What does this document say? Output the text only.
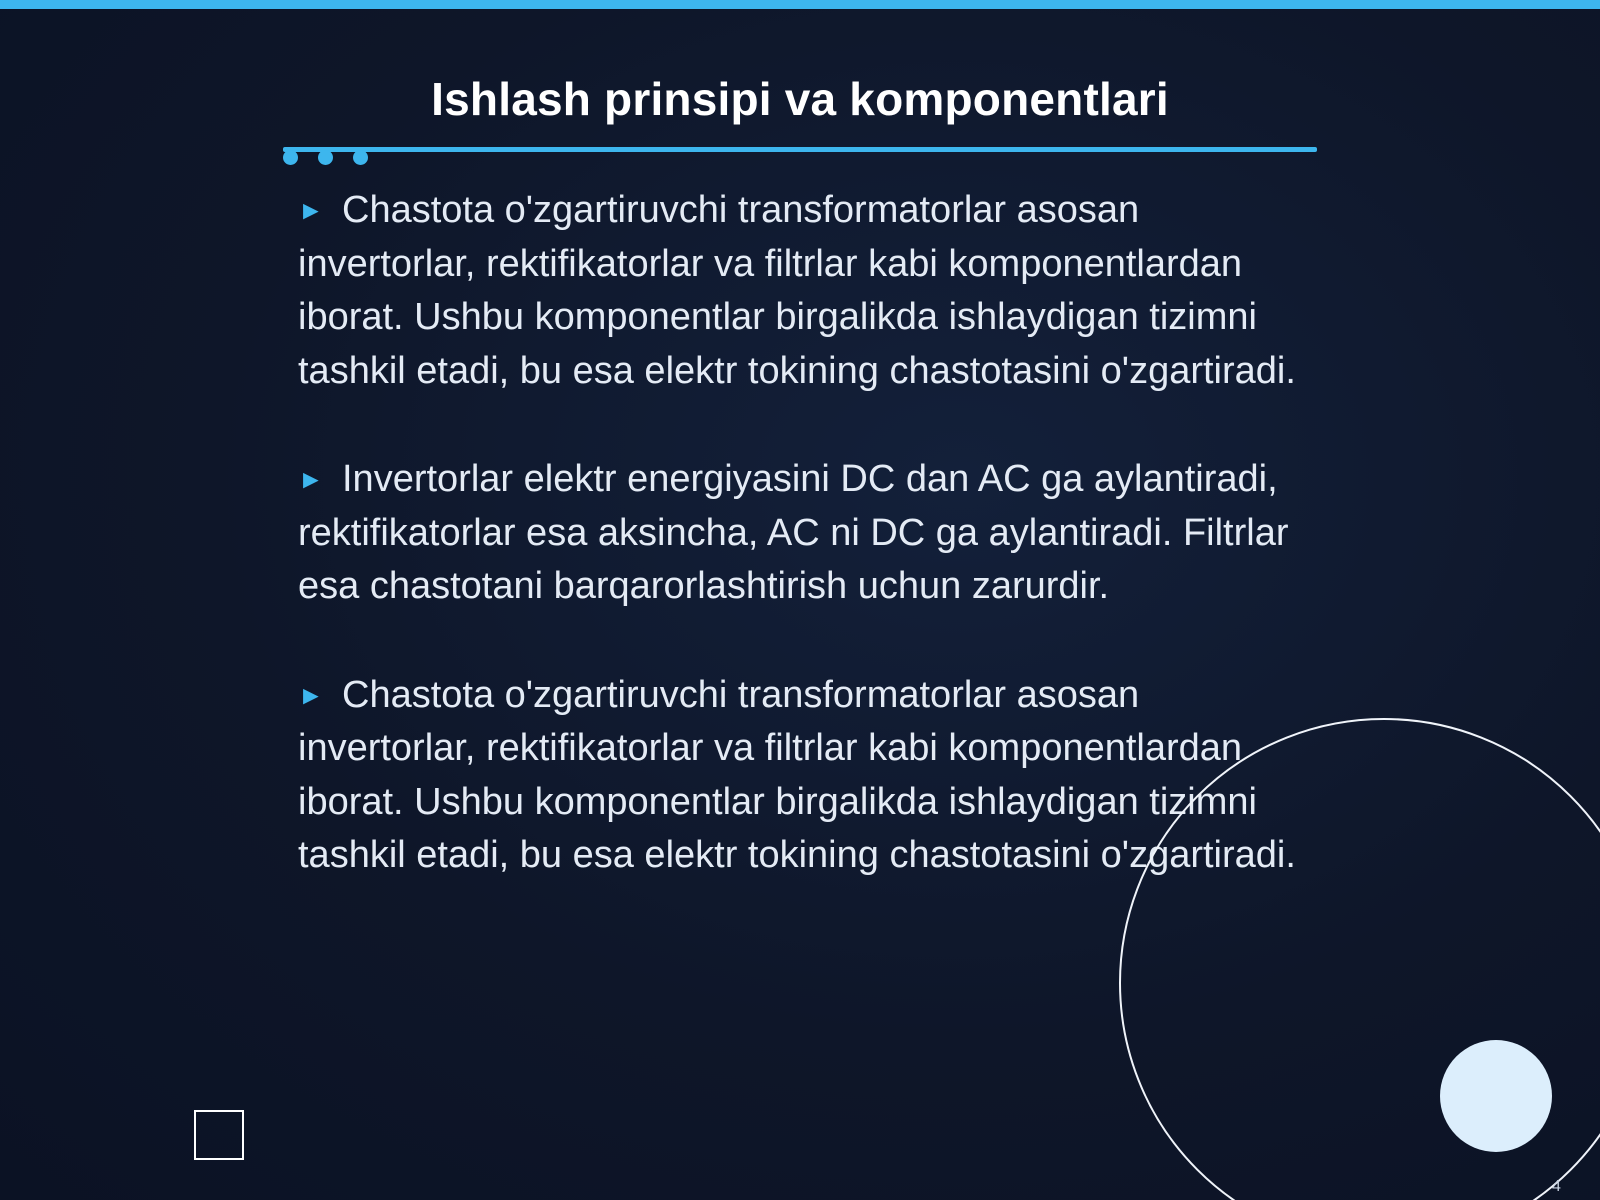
Ishlash prinsipi va komponentlari

► Chastota o'zgartiruvchi transformatorlar asosan invertorlar, rektifikatorlar va filtrlar kabi komponentlardan iborat. Ushbu komponentlar birgalikda ishlaydigan tizimni tashkil etadi, bu esa elektr tokining chastotasini o'zgartiradi.

► Invertorlar elektr energiyasini DC dan AC ga aylantiradi, rektifikatorlar esa aksincha, AC ni DC ga aylantiradi. Filtrlar esa chastotani barqarorlashtirish uchun zarurdir.

► Chastota o'zgartiruvchi transformatorlar asosan invertorlar, rektifikatorlar va filtrlar kabi komponentlardan iborat. Ushbu komponentlar birgalikda ishlaydigan tizimni tashkil etadi, bu esa elektr tokining chastotasini o'zgartiradi.

4
